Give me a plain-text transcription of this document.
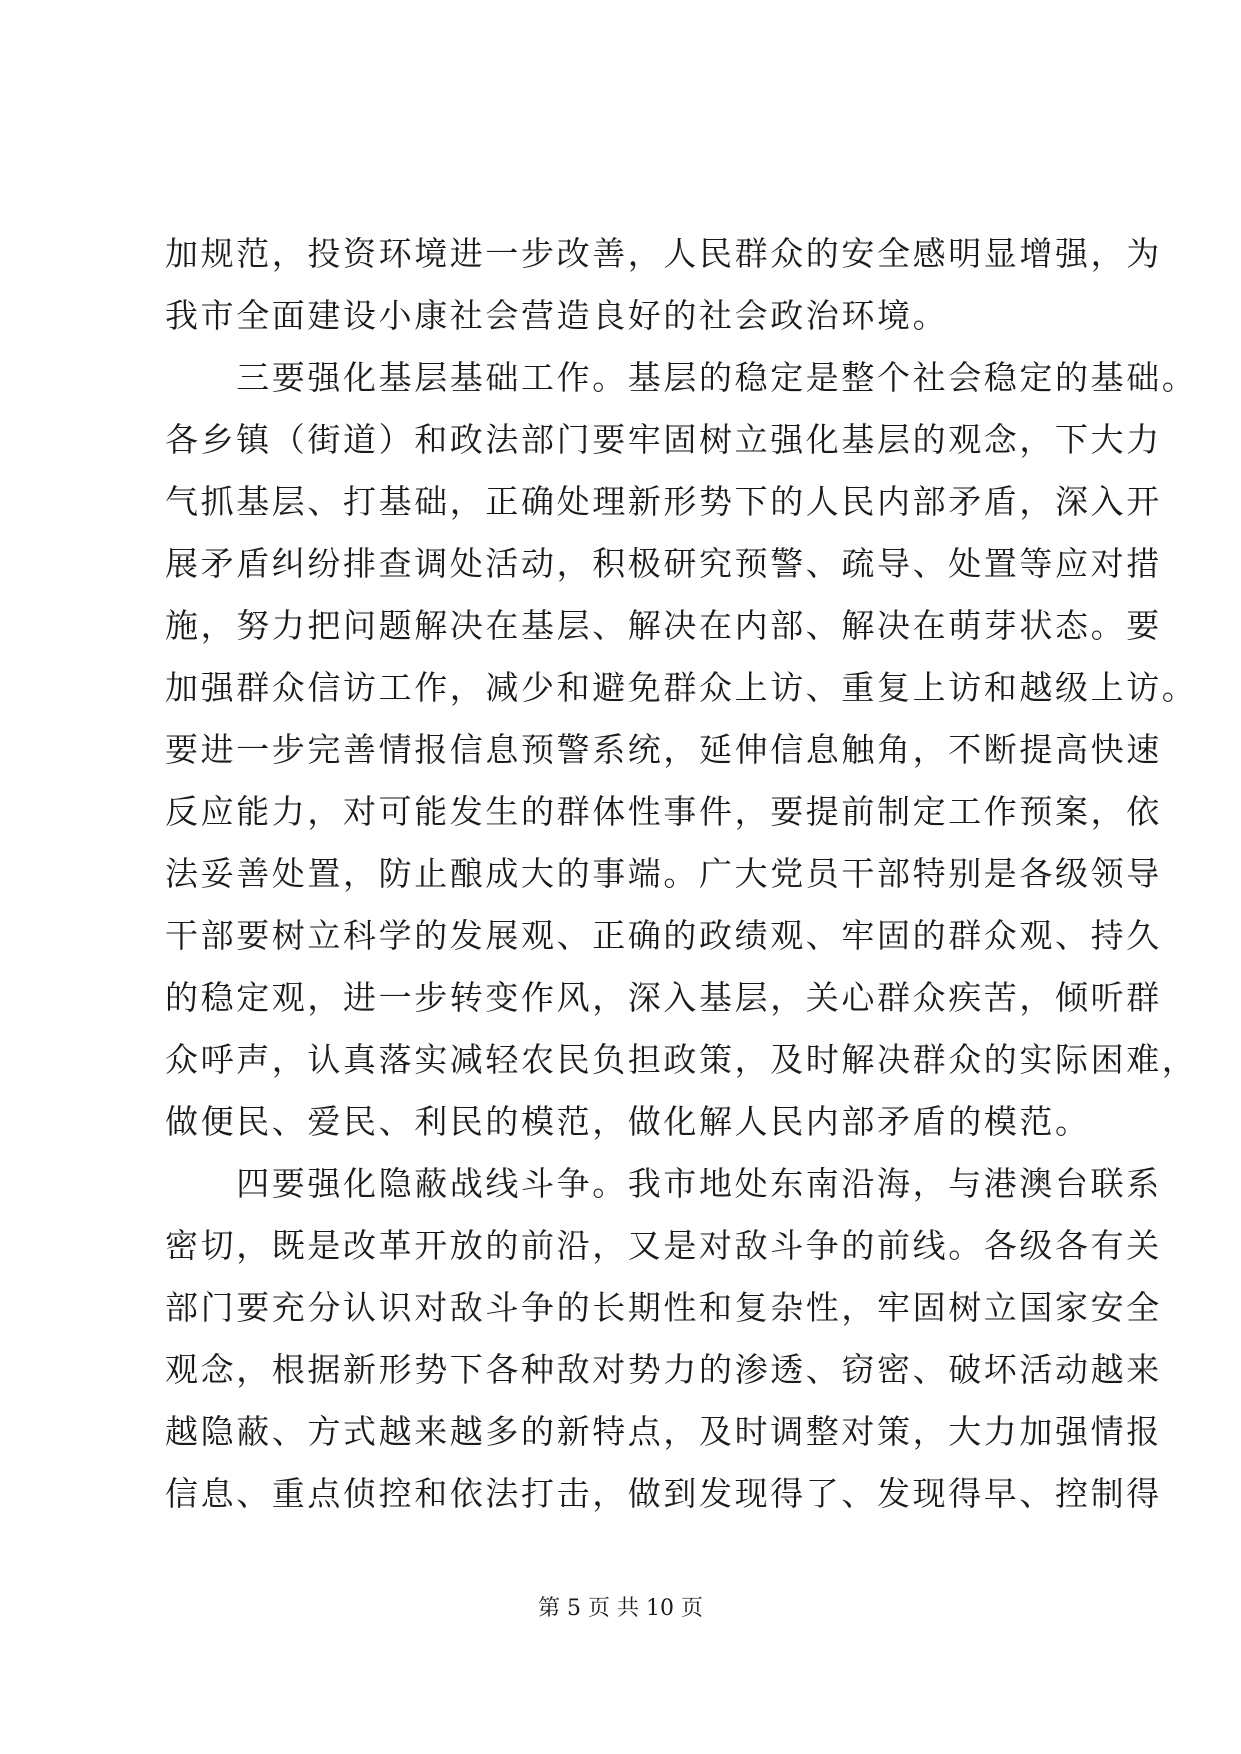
加规范，投资环境进一步改善，人民群众的安全感明显增强，为
我市全面建设小康社会营造良好的社会政治环境。
　　三要强化基层基础工作。基层的稳定是整个社会稳定的基础。
各乡镇（街道）和政法部门要牢固树立强化基层的观念，下大力
气抓基层、打基础，正确处理新形势下的人民内部矛盾，深入开
展矛盾纠纷排查调处活动，积极研究预警、疏导、处置等应对措
施，努力把问题解决在基层、解决在内部、解决在萌芽状态。要
加强群众信访工作，减少和避免群众上访、重复上访和越级上访。
要进一步完善情报信息预警系统，延伸信息触角，不断提高快速
反应能力，对可能发生的群体性事件，要提前制定工作预案，依
法妥善处置，防止酿成大的事端。广大党员干部特别是各级领导
干部要树立科学的发展观、正确的政绩观、牢固的群众观、持久
的稳定观，进一步转变作风，深入基层，关心群众疾苦，倾听群
众呼声，认真落实减轻农民负担政策，及时解决群众的实际困难，
做便民、爱民、利民的模范，做化解人民内部矛盾的模范。
　　四要强化隐蔽战线斗争。我市地处东南沿海，与港澳台联系
密切，既是改革开放的前沿，又是对敌斗争的前线。各级各有关
部门要充分认识对敌斗争的长期性和复杂性，牢固树立国家安全
观念，根据新形势下各种敌对势力的渗透、窃密、破坏活动越来
越隐蔽、方式越来越多的新特点，及时调整对策，大力加强情报
信息、重点侦控和依法打击，做到发现得了、发现得早、控制得
第 5 页 共 10 页
